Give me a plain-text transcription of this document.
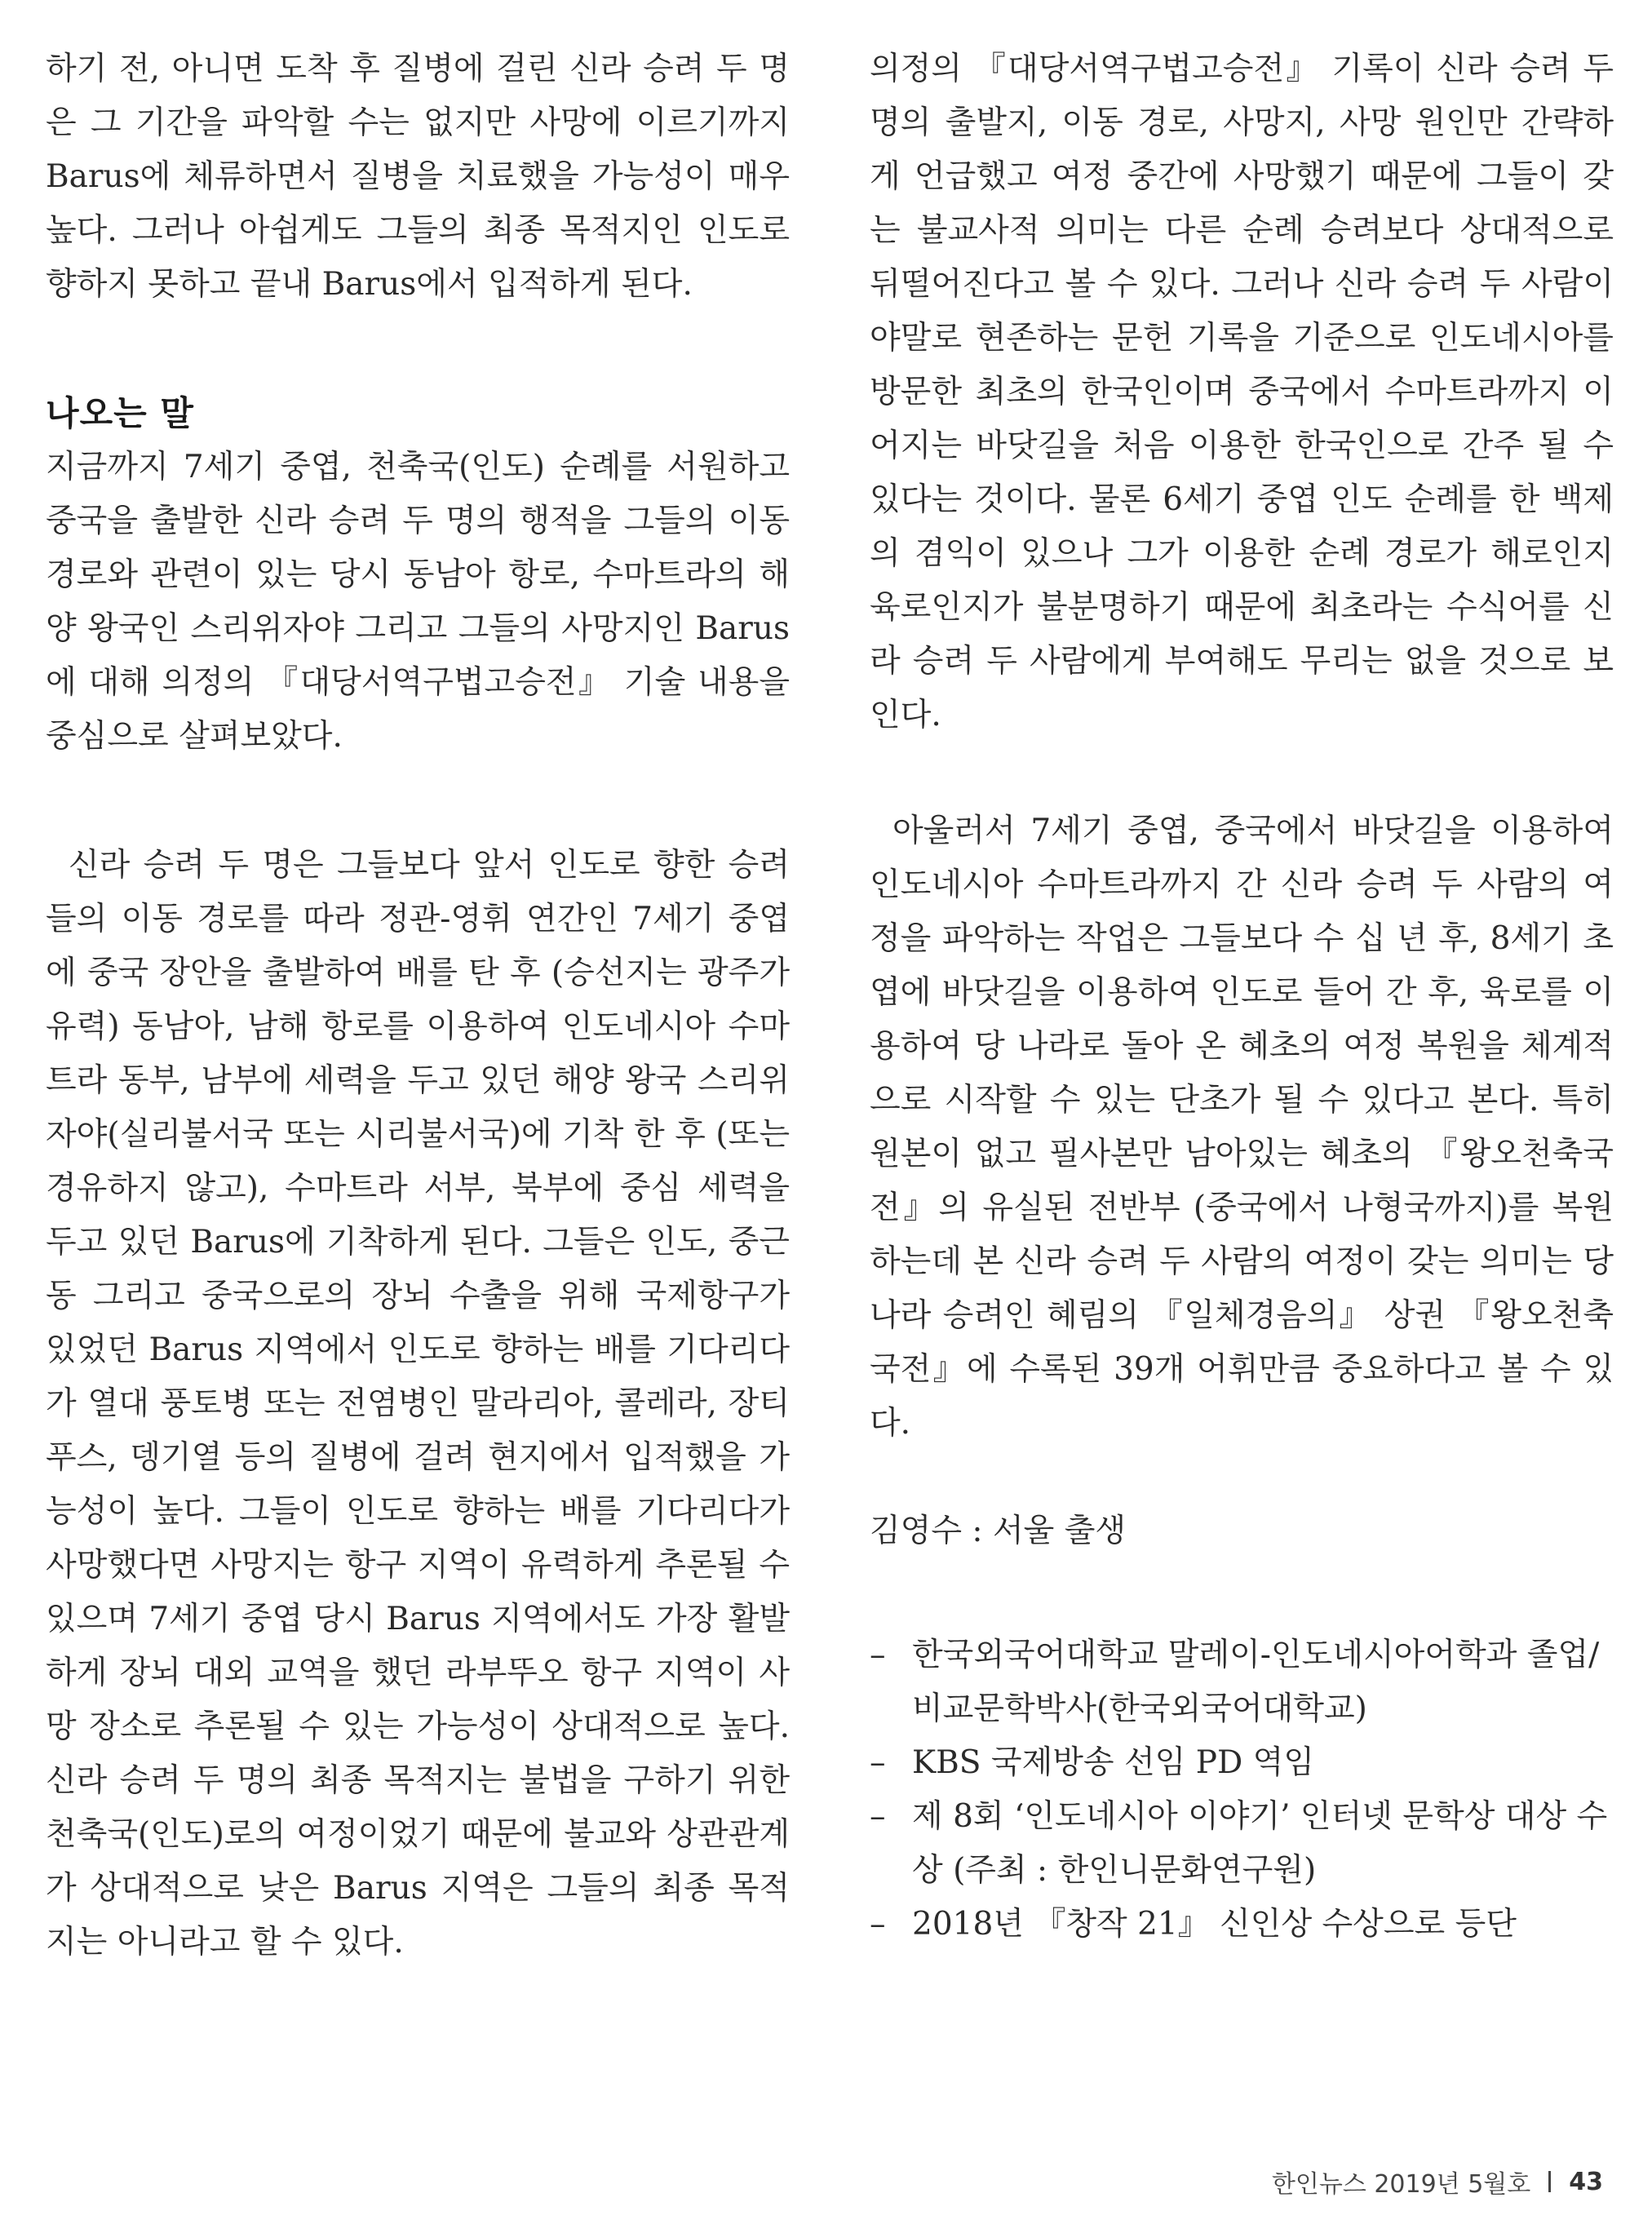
하기 전, 아니면 도착 후 질병에 걸린 신라 승려 두 명은 그 기간을 파악할 수는 없지만 사망에 이르기까지 Barus에 체류하면서 질병을 치료했을 가능성이 매우 높다. 그러나 아쉽게도 그들의 최종 목적지인 인도로 향하지 못하고 끝내 Barus에서 입적하게 된다.

나오는 말

지금까지 7세기 중엽, 천축국(인도) 순례를 서원하고 중국을 출발한 신라 승려 두 명의 행적을 그들의 이동 경로와 관련이 있는 당시 동남아 항로, 수마트라의 해양 왕국인 스리위자야 그리고 그들의 사망지인 Barus에 대해 의정의 『대당서역구법고승전』 기술 내용을 중심으로 살펴보았다.

신라 승려 두 명은 그들보다 앞서 인도로 향한 승려들의 이동 경로를 따라 정관-영휘 연간인 7세기 중엽에 중국 장안을 출발하여 배를 탄 후 (승선지는 광주가 유력) 동남아, 남해 항로를 이용하여 인도네시아 수마트라 동부, 남부에 세력을 두고 있던 해양 왕국 스리위자야(실리불서국 또는 시리불서국)에 기착 한 후 (또는 경유하지 않고), 수마트라 서부, 북부에 중심 세력을 두고 있던 Barus에 기착하게 된다. 그들은 인도, 중근동 그리고 중국으로의 장뇌 수출을 위해 국제항구가 있었던 Barus 지역에서 인도로 향하는 배를 기다리다가 열대 풍토병 또는 전염병인 말라리아, 콜레라, 장티푸스, 뎅기열 등의 질병에 걸려 현지에서 입적했을 가능성이 높다. 그들이 인도로 향하는 배를 기다리다가 사망했다면 사망지는 항구 지역이 유력하게 추론될 수 있으며 7세기 중엽 당시 Barus 지역에서도 가장 활발하게 장뇌 대외 교역을 했던 라부뚜오 항구 지역이 사망 장소로 추론될 수 있는 가능성이 상대적으로 높다. 신라 승려 두 명의 최종 목적지는 불법을 구하기 위한 천축국(인도)로의 여정이었기 때문에 불교와 상관관계가 상대적으로 낮은 Barus 지역은 그들의 최종 목적지는 아니라고 할 수 있다.

의정의 『대당서역구법고승전』 기록이 신라 승려 두 명의 출발지, 이동 경로, 사망지, 사망 원인만 간략하게 언급했고 여정 중간에 사망했기 때문에 그들이 갖는 불교사적 의미는 다른 순례 승려보다 상대적으로 뒤떨어진다고 볼 수 있다. 그러나 신라 승려 두 사람이야말로 현존하는 문헌 기록을 기준으로 인도네시아를 방문한 최초의 한국인이며 중국에서 수마트라까지 이어지는 바닷길을 처음 이용한 한국인으로 간주 될 수 있다는 것이다. 물론 6세기 중엽 인도 순례를 한 백제의 겸익이 있으나 그가 이용한 순례 경로가 해로인지 육로인지가 불분명하기 때문에 최초라는 수식어를 신라 승려 두 사람에게 부여해도 무리는 없을 것으로 보인다.

아울러서 7세기 중엽, 중국에서 바닷길을 이용하여 인도네시아 수마트라까지 간 신라 승려 두 사람의 여정을 파악하는 작업은 그들보다 수 십 년 후, 8세기 초엽에 바닷길을 이용하여 인도로 들어 간 후, 육로를 이용하여 당 나라로 돌아 온 혜초의 여정 복원을 체계적으로 시작할 수 있는 단초가 될 수 있다고 본다. 특히 원본이 없고 필사본만 남아있는 혜초의 『왕오천축국전』의 유실된 전반부 (중국에서 나형국까지)를 복원하는데 본 신라 승려 두 사람의 여정이 갖는 의미는 당 나라 승려인 혜림의 『일체경음의』 상권 『왕오천축국전』에 수록된 39개 어휘만큼 중요하다고 볼 수 있다.

김영수 : 서울 출생

– 한국외국어대학교 말레이-인도네시아어학과 졸업/비교문학박사(한국외국어대학교)
– KBS 국제방송 선임 PD 역임
– 제 8회 ‘인도네시아 이야기’ 인터넷 문학상 대상 수상 (주최 : 한인니문화연구원)
– 2018년 『창작 21』 신인상 수상으로 등단
한인뉴스 2019년 5월호 43
